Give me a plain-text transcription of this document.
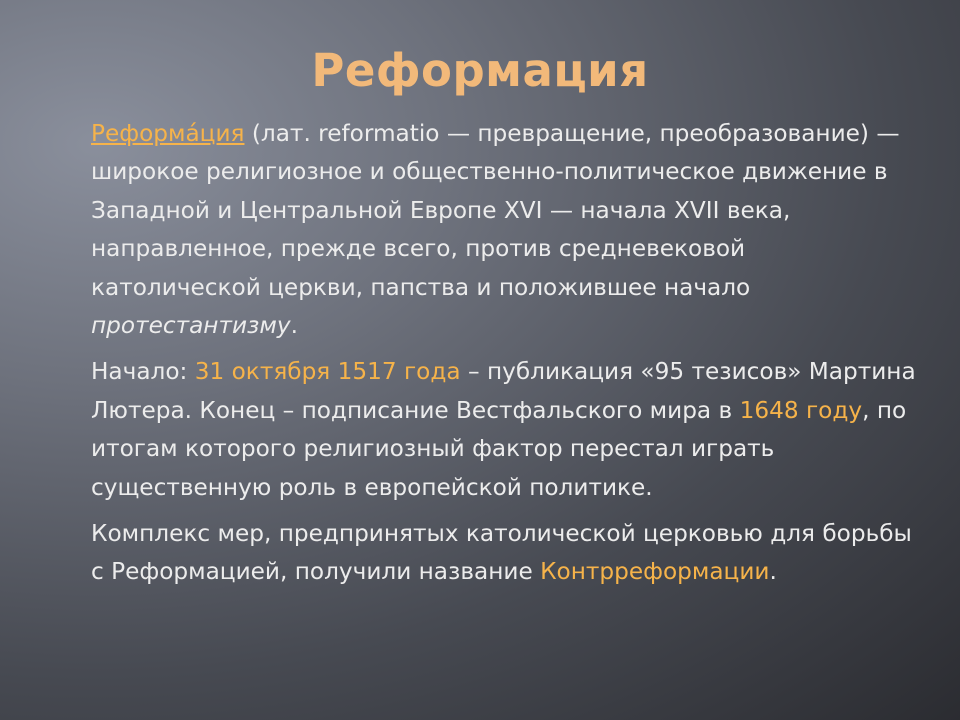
Реформация

Реформа́ция (лат. reformatio — превращение, преобразование) — широкое религиозное и общественно-политическое движение в Западной и Центральной Европе XVI — начала XVII века, направленное, прежде всего, против средневековой католической церкви, папства и положившее начало протестантизму.

Начало: 31 октября 1517 года – публикация «95 тезисов» Мартина Лютера. Конец – подписание Вестфальского мира в 1648 году, по итогам которого религиозный фактор перестал играть существенную роль в европейской политике.

Комплекс мер, предпринятых католической церковью для борьбы с Реформацией, получили название Контрреформации.
